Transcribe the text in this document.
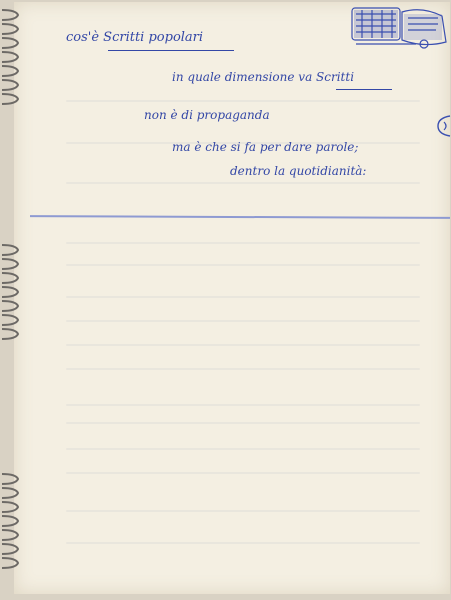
cos'è Scritti popolari
in quale dimensione va Scritti
non è di propaganda
ma è che si fa per dare parole;
dentro la quotidianità:
